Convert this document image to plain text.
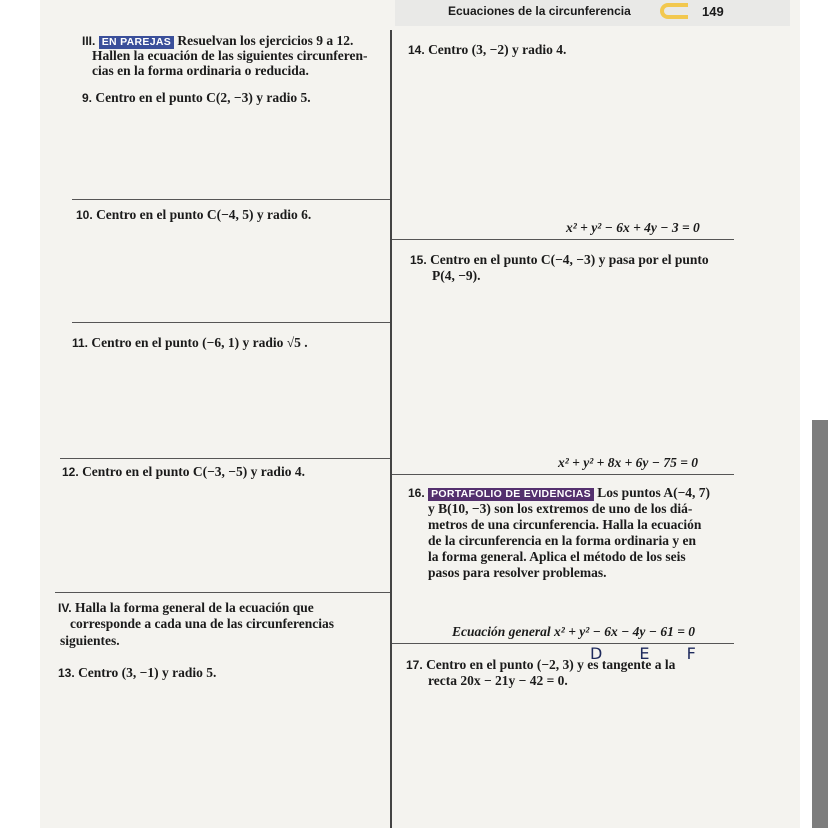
Ecuaciones de la circunferencia	149
III. EN PAREJAS Resuelvan los ejercicios 9 a 12.
Hallen la ecuación de las siguientes circunferen-
cias en la forma ordinaria o reducida.
9. Centro en el punto C(2, −3) y radio 5.
10. Centro en el punto C(−4, 5) y radio 6.
11. Centro en el punto (−6, 1) y radio √5 .
12. Centro en el punto C(−3, −5) y radio 4.
IV. Halla la forma general de la ecuación que
corresponde a cada una de las circunferencias
siguientes.
13. Centro (3, −1) y radio 5.
14. Centro (3, −2) y radio 4.
x² + y² − 6x + 4y − 3 = 0
15. Centro en el punto C(−4, −3) y pasa por el punto
P(4, −9).
x² + y² + 8x + 6y − 75 = 0
16. PORTAFOLIO DE EVIDENCIAS Los puntos A(−4, 7)
y B(10, −3) son los extremos de uno de los diá-
metros de una circunferencia. Halla la ecuación
de la circunferencia en la forma ordinaria y en
la forma general. Aplica el método de los seis
pasos para resolver problemas.
Ecuación general x² + y² − 6x − 4y − 61 = 0
D E F
17. Centro en el punto (−2, 3) y es tangente a la
recta 20x − 21y − 42 = 0.
